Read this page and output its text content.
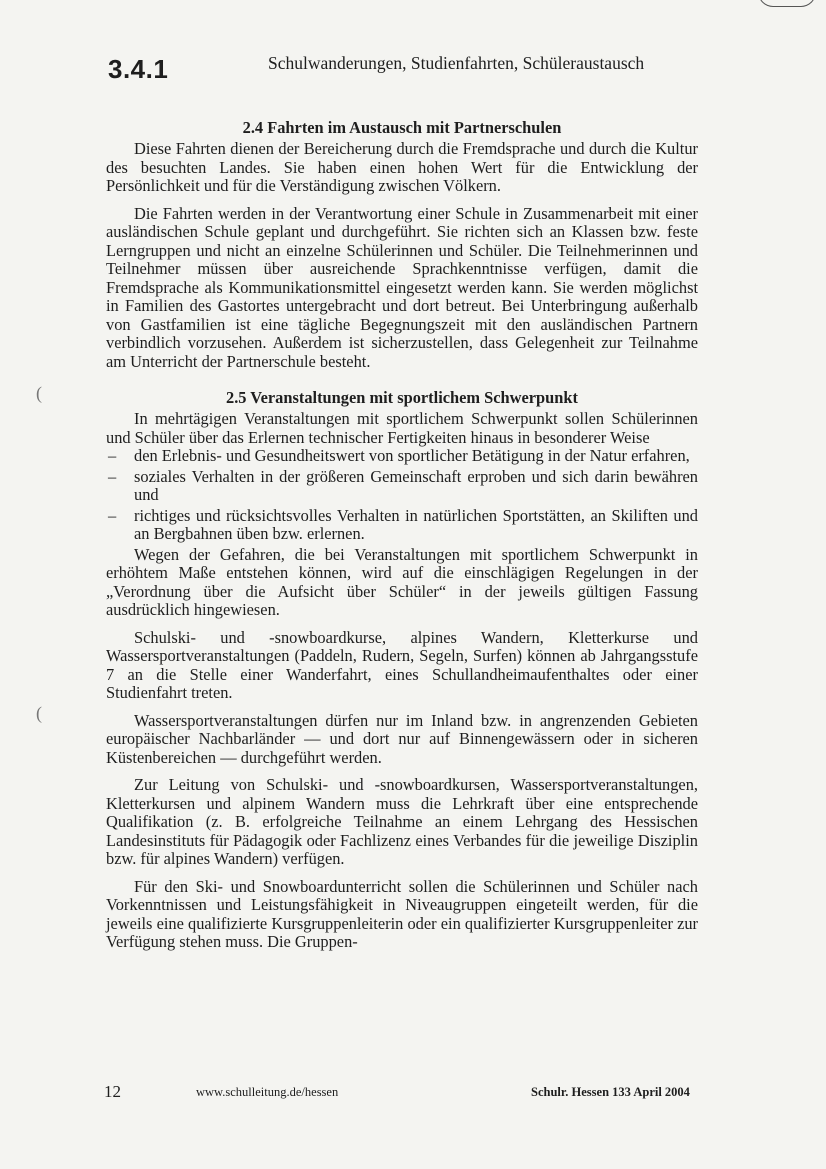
3.4.1	Schulwanderungen, Studienfahrten, Schüleraustausch
(
(
2.4 Fahrten im Austausch mit Partnerschulen

Diese Fahrten dienen der Bereicherung durch die Fremdsprache und durch die Kultur des besuchten Landes. Sie haben einen hohen Wert für die Entwicklung der Persönlichkeit und für die Verständigung zwischen Völkern.

Die Fahrten werden in der Verantwortung einer Schule in Zusammenarbeit mit einer ausländischen Schule geplant und durchgeführt. Sie richten sich an Klassen bzw. feste Lerngruppen und nicht an einzelne Schülerinnen und Schüler. Die Teilnehmerinnen und Teilnehmer müssen über ausreichende Sprachkenntnisse verfügen, damit die Fremdsprache als Kommunikationsmittel eingesetzt werden kann. Sie werden möglichst in Familien des Gastortes untergebracht und dort betreut. Bei Unterbringung außerhalb von Gastfamilien ist eine tägliche Begegnungszeit mit den ausländischen Partnern verbindlich vorzusehen. Außerdem ist sicherzustellen, dass Gelegenheit zur Teilnahme am Unterricht der Partnerschule besteht.

2.5 Veranstaltungen mit sportlichem Schwerpunkt

In mehrtägigen Veranstaltungen mit sportlichem Schwerpunkt sollen Schülerinnen und Schüler über das Erlernen technischer Fertigkeiten hinaus in besonderer Weise

– den Erlebnis- und Gesundheitswert von sportlicher Betätigung in der Natur erfahren,
– soziales Verhalten in der größeren Gemeinschaft erproben und sich darin bewähren und
– richtiges und rücksichtsvolles Verhalten in natürlichen Sportstätten, an Skiliften und an Bergbahnen üben bzw. erlernen.

Wegen der Gefahren, die bei Veranstaltungen mit sportlichem Schwerpunkt in erhöhtem Maße entstehen können, wird auf die einschlägigen Regelungen in der „Verordnung über die Aufsicht über Schüler“ in der jeweils gültigen Fassung ausdrücklich hingewiesen.

Schulski- und -snowboardkurse, alpines Wandern, Kletterkurse und Wassersportveranstaltungen (Paddeln, Rudern, Segeln, Surfen) können ab Jahrgangsstufe 7 an die Stelle einer Wanderfahrt, eines Schullandheimaufenthaltes oder einer Studienfahrt treten.

Wassersportveranstaltungen dürfen nur im Inland bzw. in angrenzenden Gebieten europäischer Nachbarländer — und dort nur auf Binnengewässern oder in sicheren Küstenbereichen — durchgeführt werden.

Zur Leitung von Schulski- und -snowboardkursen, Wassersportveranstaltungen, Kletterkursen und alpinem Wandern muss die Lehrkraft über eine entsprechende Qualifikation (z. B. erfolgreiche Teilnahme an einem Lehrgang des Hessischen Landesinstituts für Pädagogik oder Fachlizenz eines Verbandes für die jeweilige Disziplin bzw. für alpines Wandern) verfügen.

Für den Ski- und Snowboardunterricht sollen die Schülerinnen und Schüler nach Vorkenntnissen und Leistungsfähigkeit in Niveaugruppen eingeteilt werden, für die jeweils eine qualifizierte Kursgruppenleiterin oder ein qualifizierter Kursgruppenleiter zur Verfügung stehen muss. Die Gruppen-

12	www.schulleitung.de/hessen	Schulr. Hessen 133 April 2004
